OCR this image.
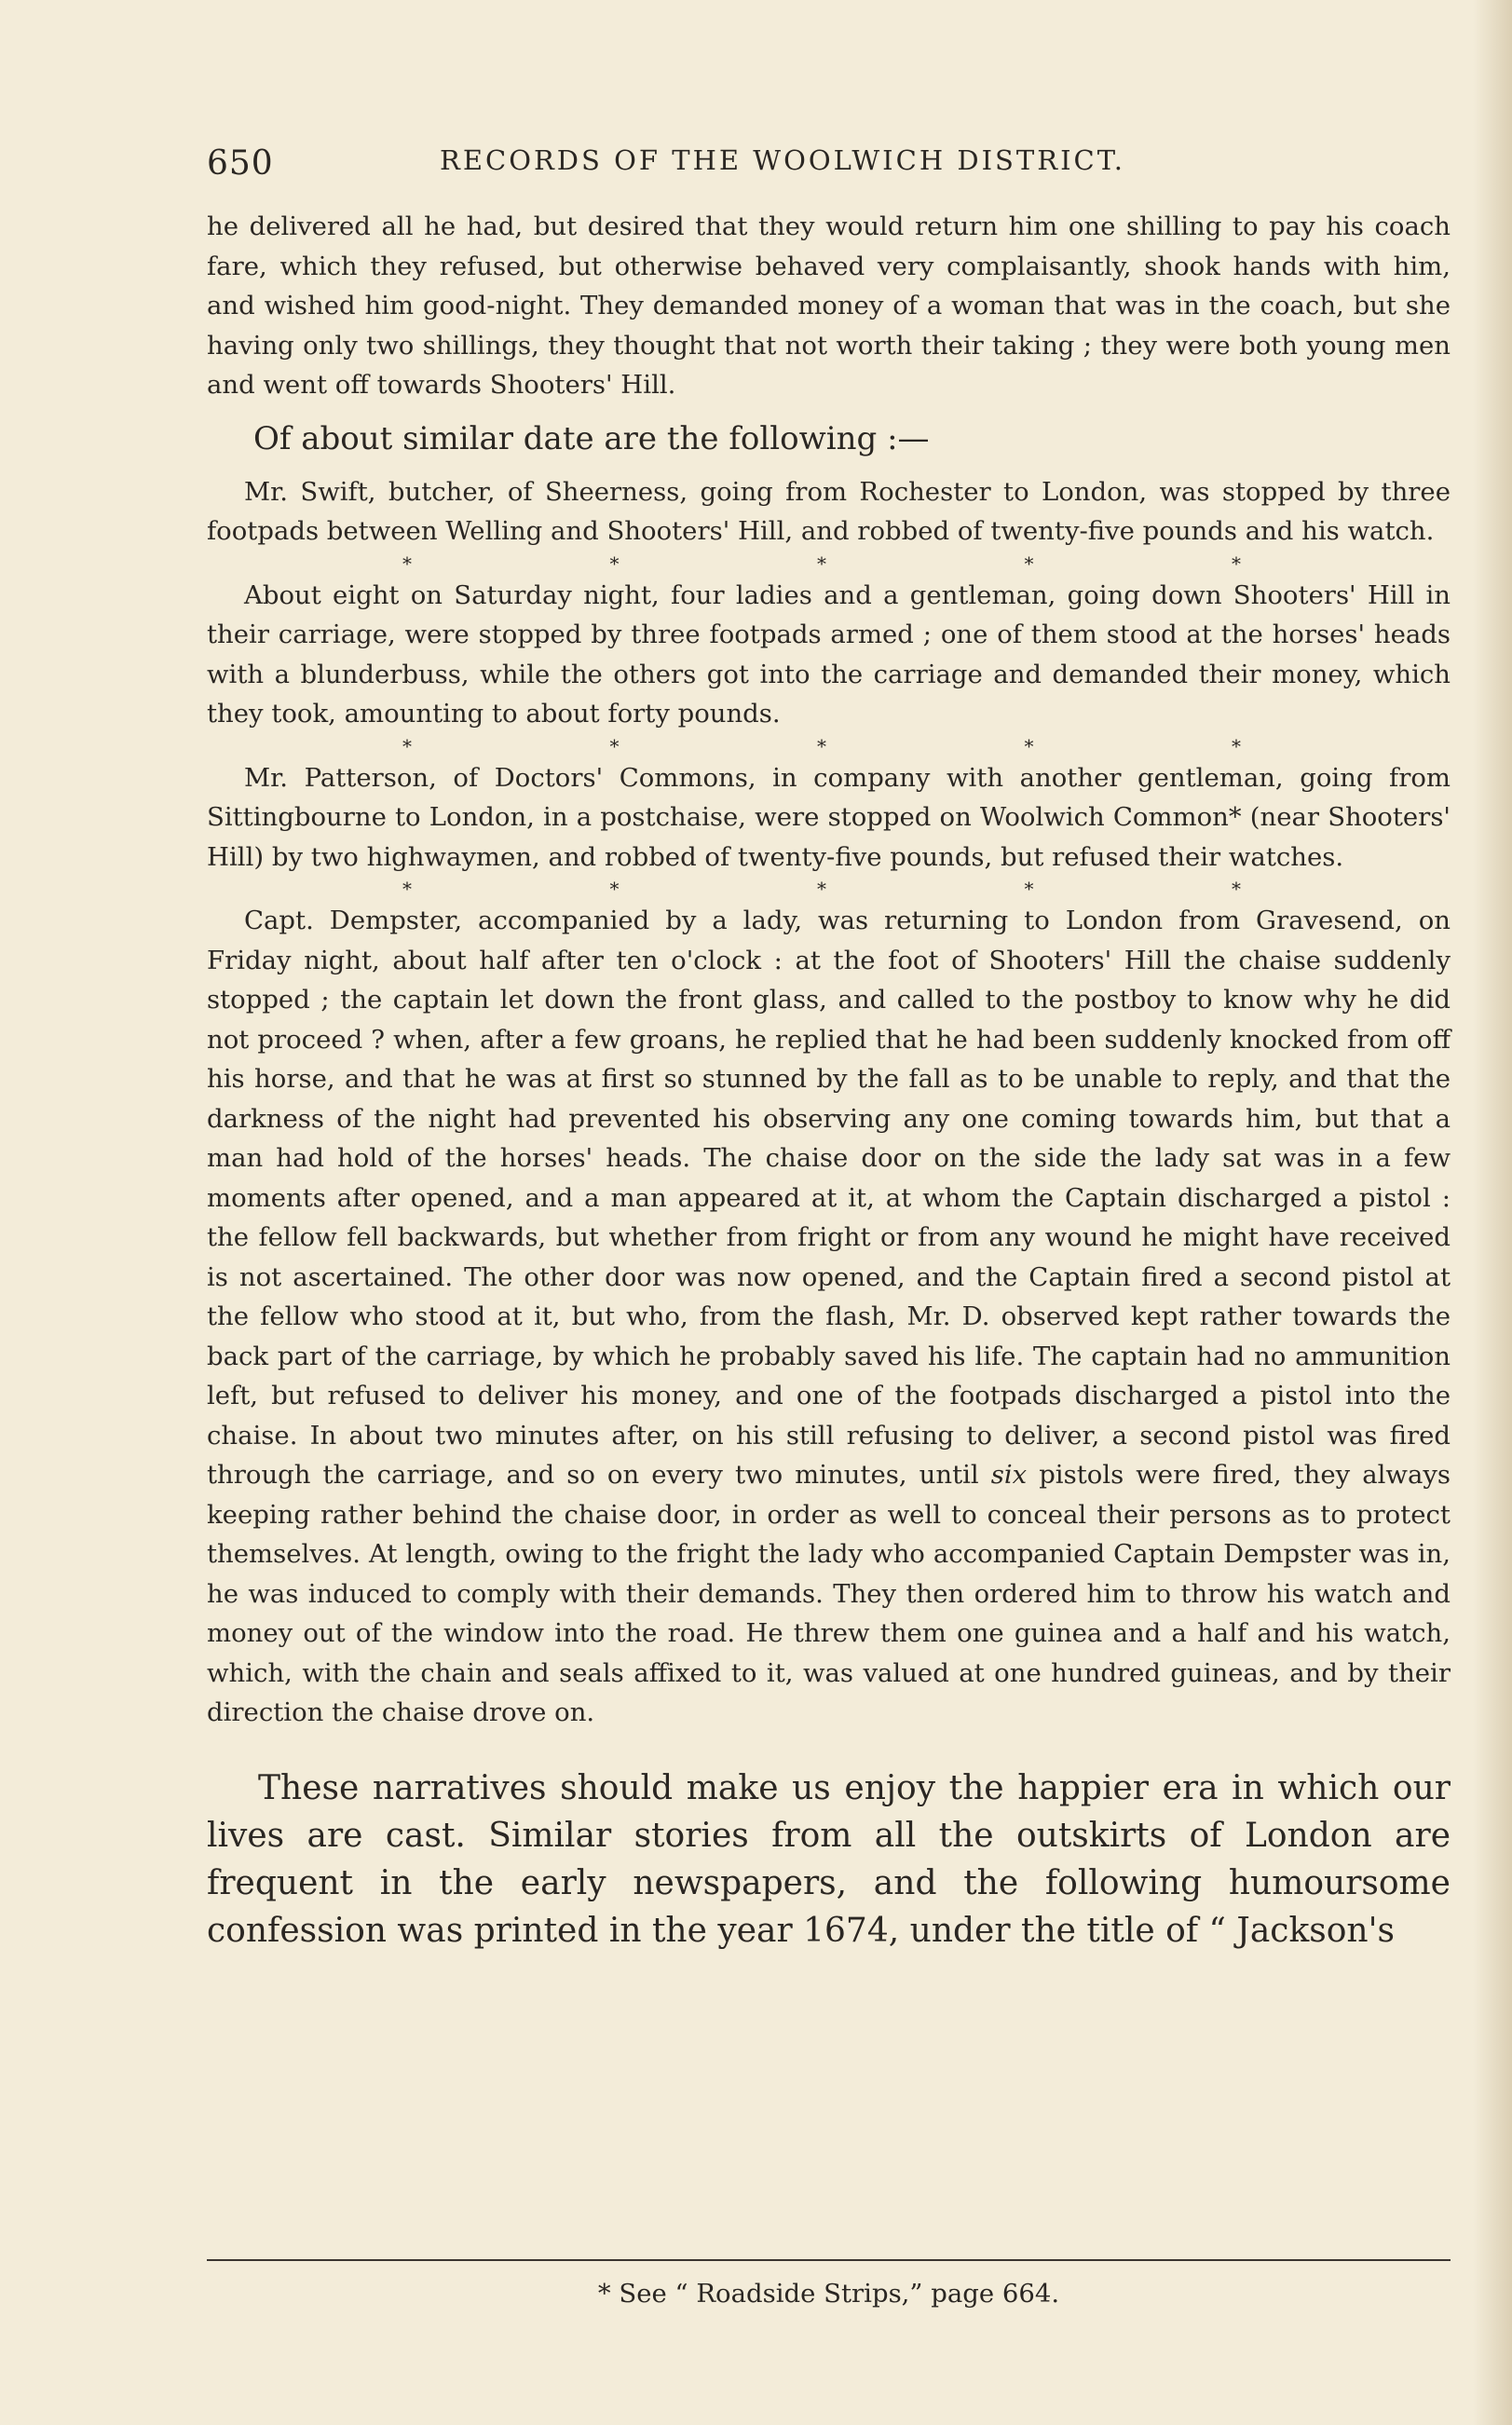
650	RECORDS OF THE WOOLWICH DISTRICT.

he delivered all he had, but desired that they would return him one shilling to pay his coach fare, which they refused, but otherwise behaved very complaisantly, shook hands with him, and wished him good-night. They demanded money of a woman that was in the coach, but she having only two shillings, they thought that not worth their taking ; they were both young men and went off towards Shooters' Hill.

Of about similar date are the following :—

Mr. Swift, butcher, of Sheerness, going from Rochester to London, was stopped by three footpads between Welling and Shooters' Hill, and robbed of twenty-five pounds and his watch.

*	*	*	*	*

About eight on Saturday night, four ladies and a gentleman, going down Shooters' Hill in their carriage, were stopped by three footpads armed ; one of them stood at the horses' heads with a blunderbuss, while the others got into the carriage and demanded their money, which they took, amounting to about forty pounds.

*	*	*	*	*

Mr. Patterson, of Doctors' Commons, in company with another gentleman, going from Sittingbourne to London, in a postchaise, were stopped on Woolwich Common* (near Shooters' Hill) by two highwaymen, and robbed of twenty-five pounds, but refused their watches.

*	*	*	*	*

Capt. Dempster, accompanied by a lady, was returning to London from Gravesend, on Friday night, about half after ten o'clock : at the foot of Shooters' Hill the chaise suddenly stopped ; the captain let down the front glass, and called to the postboy to know why he did not proceed ? when, after a few groans, he replied that he had been suddenly knocked from off his horse, and that he was at first so stunned by the fall as to be unable to reply, and that the darkness of the night had prevented his observing any one coming towards him, but that a man had hold of the horses' heads. The chaise door on the side the lady sat was in a few moments after opened, and a man appeared at it, at whom the Captain discharged a pistol : the fellow fell backwards, but whether from fright or from any wound he might have received is not ascertained. The other door was now opened, and the Captain fired a second pistol at the fellow who stood at it, but who, from the flash, Mr. D. observed kept rather towards the back part of the carriage, by which he probably saved his life. The captain had no ammunition left, but refused to deliver his money, and one of the footpads discharged a pistol into the chaise. In about two minutes after, on his still refusing to deliver, a second pistol was fired through the carriage, and so on every two minutes, until six pistols were fired, they always keeping rather behind the chaise door, in order as well to conceal their persons as to protect themselves. At length, owing to the fright the lady who accompanied Captain Dempster was in, he was induced to comply with their demands. They then ordered him to throw his watch and money out of the window into the road. He threw them one guinea and a half and his watch, which, with the chain and seals affixed to it, was valued at one hundred guineas, and by their direction the chaise drove on.

These narratives should make us enjoy the happier era in which our lives are cast. Similar stories from all the outskirts of London are frequent in the early newspapers, and the following humoursome confession was printed in the year 1674, under the title of “ Jackson's

* See “ Roadside Strips,” page 664.
